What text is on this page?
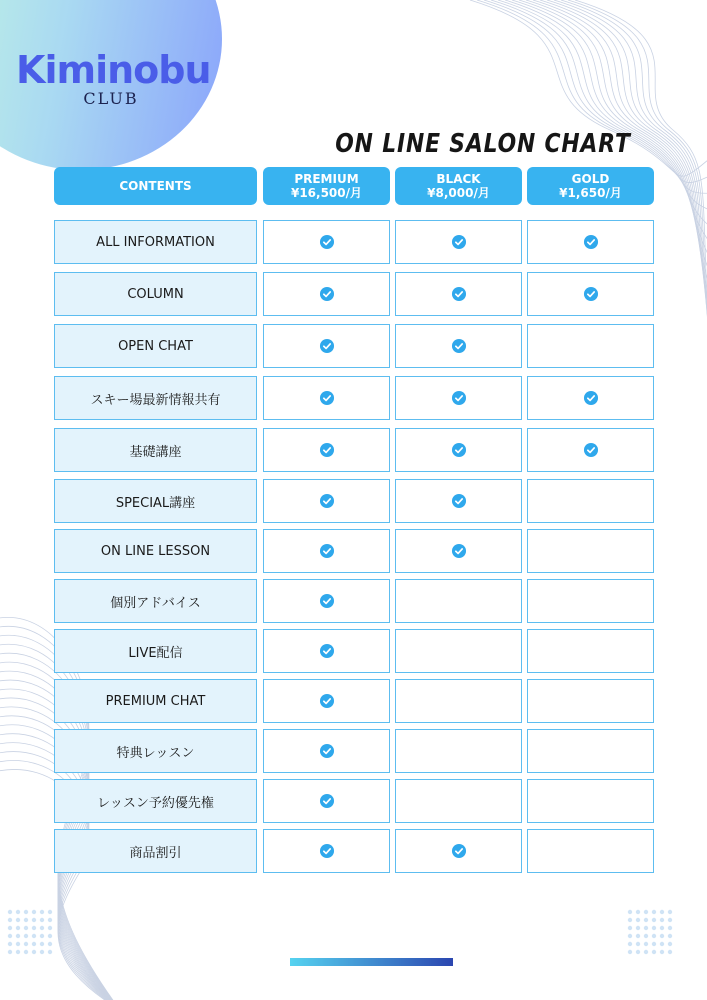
Kiminobu
CLUB
ON LINE SALON CHART
CONTENTS	PREMIUM
¥16,500/月
BLACK
¥8,000/月
GOLD
¥1,650/月
ALL INFORMATION
COLUMN
OPEN CHAT
スキー場最新情報共有
基礎講座
SPECIAL講座
ON LINE LESSON
個別アドバイス
LIVE配信
PREMIUM CHAT
特典レッスン
レッスン予約優先権
商品割引
